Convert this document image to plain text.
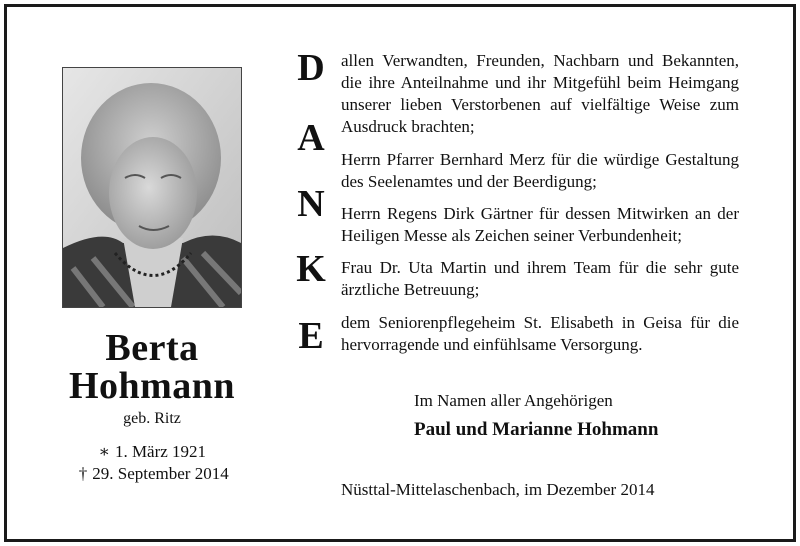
Berta
Hohmann
geb. Ritz
∗ 1. März 1921
† 29. September 2014
D
A
N
K
E
allen Verwandten, Freunden, Nachbarn und Bekannten, die ihre Anteilnahme und ihr Mitgefühl beim Heimgang unserer lieben Verstorbenen auf vielfältige Weise zum Ausdruck brachten;
Herrn Pfarrer Bernhard Merz für die würdige Gestaltung des Seelenamtes und der Beerdigung;
Herrn Regens Dirk Gärtner für dessen Mitwirken an der Heiligen Messe als Zeichen seiner Verbundenheit;
Frau Dr. Uta Martin und ihrem Team für die sehr gute ärztliche Betreuung;
dem Seniorenpflegeheim St. Elisabeth in Geisa für die hervorragende und einfühlsame Versorgung.
Im Namen aller Angehörigen
Paul und Marianne Hohmann
Nüsttal-Mittelaschenbach, im Dezember 2014
